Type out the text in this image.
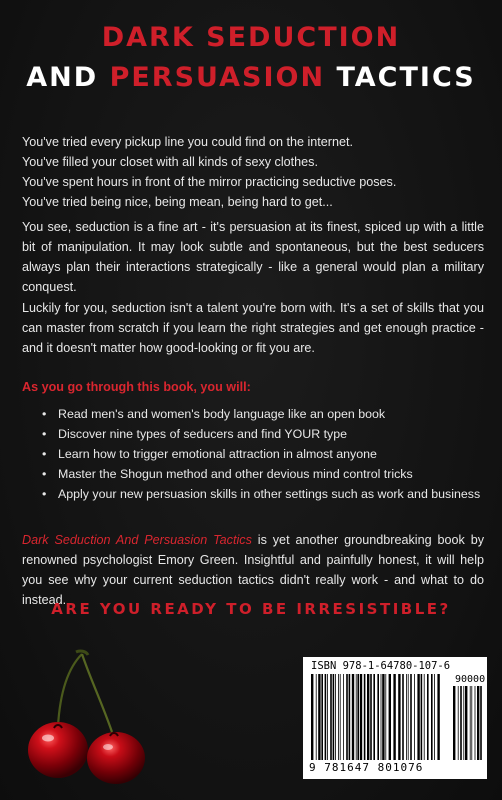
DARK SEDUCTION
AND PERSUASION TACTICS
You've tried every pickup line you could find on the internet.
You've filled your closet with all kinds of sexy clothes.
You've spent hours in front of the mirror practicing seductive poses.
You've tried being nice, being mean, being hard to get...
You see, seduction is a fine art - it's persuasion at its finest, spiced up with a little bit of manipulation. It may look subtle and spontaneous, but the best seducers always plan their interactions strategically - like a general would plan a military conquest.
Luckily for you, seduction isn't a talent you're born with. It's a set of skills that you can master from scratch if you learn the right strategies and get enough practice - and it doesn't matter how good-looking or fit you are.
As you go through this book, you will:
• Read men's and women's body language like an open book
• Discover nine types of seducers and find YOUR type
• Learn how to trigger emotional attraction in almost anyone
• Master the Shogun method and other devious mind control tricks
• Apply your new persuasion skills in other settings such as work and business
Dark Seduction And Persuasion Tactics is yet another groundbreaking book by renowned psychologist Emory Green. Insightful and painfully honest, it will help you see why your current seduction tactics didn't really work - and what to do instead.
ARE YOU READY TO BE IRRESISTIBLE?
ISBN 978-1-64780-107-6
90000
9 781647 801076
